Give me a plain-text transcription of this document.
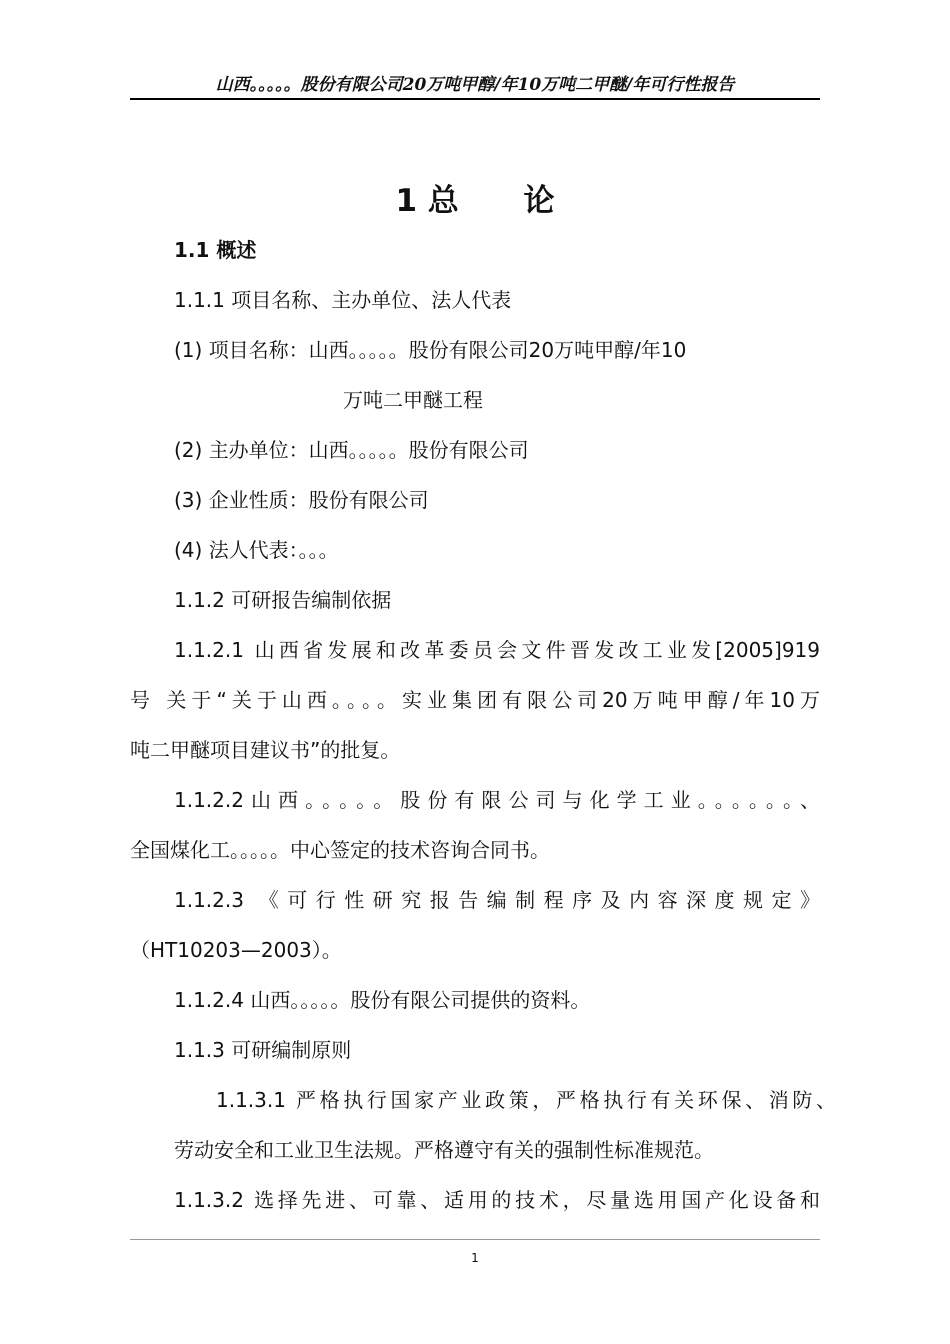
山西。。。。。股份有限公司20万吨甲醇/年10万吨二甲醚/年可行性报告
1 总      论
1.1 概述
1.1.1 项目名称、主办单位、法人代表
(1) 项目名称：山西。。。。。股份有限公司20万吨甲醇/年10
万吨二甲醚工程
(2) 主办单位：山西。。。。。股份有限公司
(3) 企业性质：股份有限公司
(4) 法人代表：。。。
1.1.2 可研报告编制依据
1.1.2.1 山西省发展和改革委员会文件晋发改工业发[2005]919
号 关于“关于山西。。。。实业集团有限公司20万吨甲醇/年10万
吨二甲醚项目建议书”的批复。
1.1.2.2山西。。。。。股份有限公司与化学工业。。。。。。、
全国煤化工。。。。。中心签定的技术咨询合同书。
1.1.2.3 《可行性研究报告编制程序及内容深度规定》
（HT10203—2003）。
1.1.2.4 山西。。。。。股份有限公司提供的资料。
1.1.3 可研编制原则
1.1.3.1 严格执行国家产业政策，严格执行有关环保、消防、
劳动安全和工业卫生法规。严格遵守有关的强制性标准规范。
1.1.3.2 选择先进、可靠、适用的技术，尽量选用国产化设备和
1
